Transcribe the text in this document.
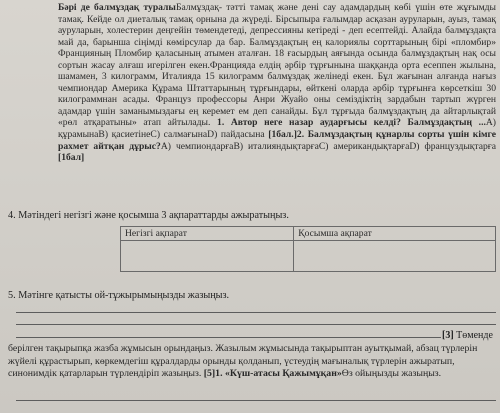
Бәрі де балмұздақ туралыБалмұздақ- тәтті тамақ және дені сау адамдардың көбі үшін өте жұғымды тамақ. Кейде ол диеталық тамақ орнына да жүреді. Бірсыпыра ғалымдар асқазан ауруларын, ауыз, тамақ ауруларын, холестерин деңгейін төмендетеді, депрессияны кетіреді - деп есептейді. Алайда балмұздақта май да, барынша сіңімді көмірсулар да бар. Балмұздақтың ең калориялы сорттарының бірі «пломбир» Францияның Пломбир қаласының атымен аталған. 18 ғасырдың аяғында осында балмұздақтың нақ осы сортын жасау алғаш игерілген екен.Францияда елдің әрбір тұрғынына шаққанда орта есеппен жылына, шамамен, 3 килограмм, Италияда 15 килограмм балмұздақ желінеді екен. Бұл жағынан алғанда нағыз чемпиондар Америка Құрама Штаттарының тұрғындары, өйткені оларда әрбір тұрғынға көрсеткіш 30 килограммнан асады. Француз профессоры Анри Жуайо оны семіздіктің зардабын тартып жүрген адамдар үшін заманымыздағы ең керемет ем деп санайды. Бұл тұрғыда балмұздақтың да айтарлықтай «рөл атқаратыны» атап айтылады. 1. Автор неге назар аударғысы келді? Балмұздақтың ...А) құрамынаВ) қасиетінеС) салмағынаD) пайдасына [1бал.]2. Балмұздақтың құнарлы сорты үшін кімге рахмет айтқан дұрыс?А) чемпиондарғаВ) италияндықтарғаС) американдықтарғаD) француздықтарға [1бал]
4. Мәтіндегі негізгі және қосымша 3 ақпараттарды ажыратыңыз.
Негізгі ақпарат	Қосымша ақпарат

5. Мәтінге қатысты ой-тұжырымыңызды жазыңыз.
[3] Төменде
берілген тақырыпқа жазба жұмысын орындаңыз. Жазылым жұмысында тақырыптан ауытқымай, абзац түрлерін жүйелі құрастырып, көркемдегіш құралдарды орынды қолданып, үстеудің мағыналық түрлерін ажыратып, синонимдік қатарларын түрлендіріп жазыңыз. [5]1. «Күш-атасы Қажымұқан»Өз ойыңызды жазыңыз.
